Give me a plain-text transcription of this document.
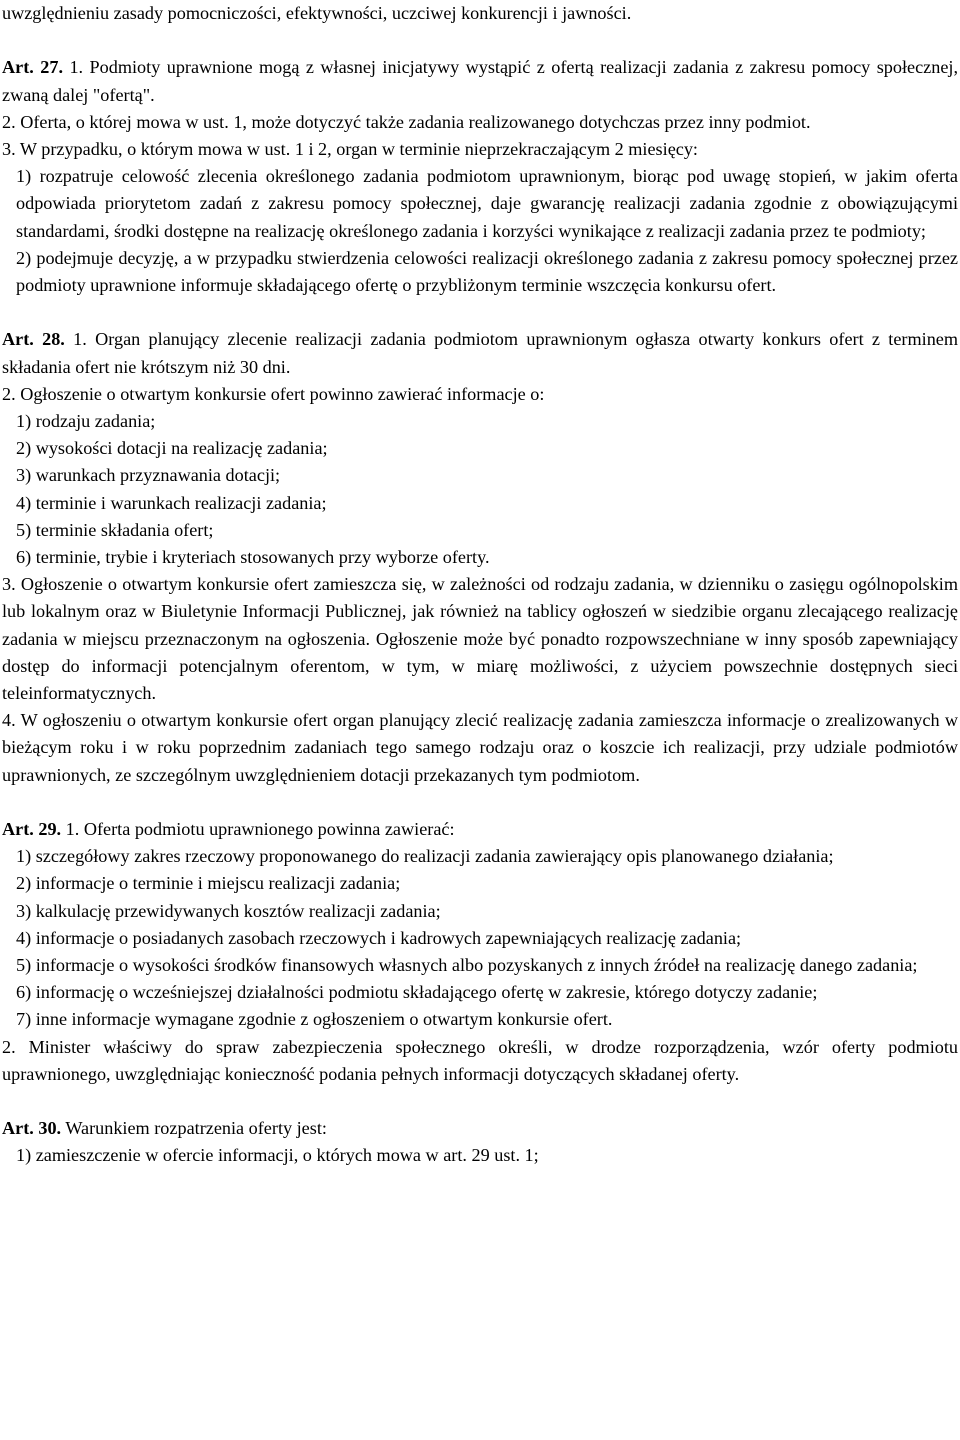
uwzględnieniu zasady pomocniczości, efektywności, uczciwej konkurencji i jawności.

Art. 27. 1. Podmioty uprawnione mogą z własnej inicjatywy wystąpić z ofertą realizacji zadania z zakresu pomocy społecznej, zwaną dalej "ofertą".

2. Oferta, o której mowa w ust. 1, może dotyczyć także zadania realizowanego dotychczas przez inny podmiot.

3. W przypadku, o którym mowa w ust. 1 i 2, organ w terminie nieprzekraczającym 2 miesięcy:

1) rozpatruje celowość zlecenia określonego zadania podmiotom uprawnionym, biorąc pod uwagę stopień, w jakim oferta odpowiada priorytetom zadań z zakresu pomocy społecznej, daje gwarancję realizacji zadania zgodnie z obowiązującymi standardami, środki dostępne na realizację określonego zadania i korzyści wynikające z realizacji zadania przez te podmioty;

2) podejmuje decyzję, a w przypadku stwierdzenia celowości realizacji określonego zadania z zakresu pomocy społecznej przez podmioty uprawnione informuje składającego ofertę o przybliżonym terminie wszczęcia konkursu ofert.

Art. 28. 1. Organ planujący zlecenie realizacji zadania podmiotom uprawnionym ogłasza otwarty konkurs ofert z terminem składania ofert nie krótszym niż 30 dni.

2. Ogłoszenie o otwartym konkursie ofert powinno zawierać informacje o:

1) rodzaju zadania;

2) wysokości dotacji na realizację zadania;

3) warunkach przyznawania dotacji;

4) terminie i warunkach realizacji zadania;

5) terminie składania ofert;

6) terminie, trybie i kryteriach stosowanych przy wyborze oferty.

3. Ogłoszenie o otwartym konkursie ofert zamieszcza się, w zależności od rodzaju zadania, w dzienniku o zasięgu ogólnopolskim lub lokalnym oraz w Biuletynie Informacji Publicznej, jak również na tablicy ogłoszeń w siedzibie organu zlecającego realizację zadania w miejscu przeznaczonym na ogłoszenia. Ogłoszenie może być ponadto rozpowszechniane w inny sposób zapewniający dostęp do informacji potencjalnym oferentom, w tym, w miarę możliwości, z użyciem powszechnie dostępnych sieci teleinformatycznych.

4. W ogłoszeniu o otwartym konkursie ofert organ planujący zlecić realizację zadania zamieszcza informacje o zrealizowanych w bieżącym roku i w roku poprzednim zadaniach tego samego rodzaju oraz o koszcie ich realizacji, przy udziale podmiotów uprawnionych, ze szczególnym uwzględnieniem dotacji przekazanych tym podmiotom.

Art. 29. 1. Oferta podmiotu uprawnionego powinna zawierać:

1) szczegółowy zakres rzeczowy proponowanego do realizacji zadania zawierający opis planowanego działania;

2) informacje o terminie i miejscu realizacji zadania;

3) kalkulację przewidywanych kosztów realizacji zadania;

4) informacje o posiadanych zasobach rzeczowych i kadrowych zapewniających realizację zadania;

5) informacje o wysokości środków finansowych własnych albo pozyskanych z innych źródeł na realizację danego zadania;

6) informację o wcześniejszej działalności podmiotu składającego ofertę w zakresie, którego dotyczy zadanie;

7) inne informacje wymagane zgodnie z ogłoszeniem o otwartym konkursie ofert.

2. Minister właściwy do spraw zabezpieczenia społecznego określi, w drodze rozporządzenia, wzór oferty podmiotu uprawnionego, uwzględniając konieczność podania pełnych informacji dotyczących składanej oferty.

Art. 30. Warunkiem rozpatrzenia oferty jest:

1) zamieszczenie w ofercie informacji, o których mowa w art. 29 ust. 1;
